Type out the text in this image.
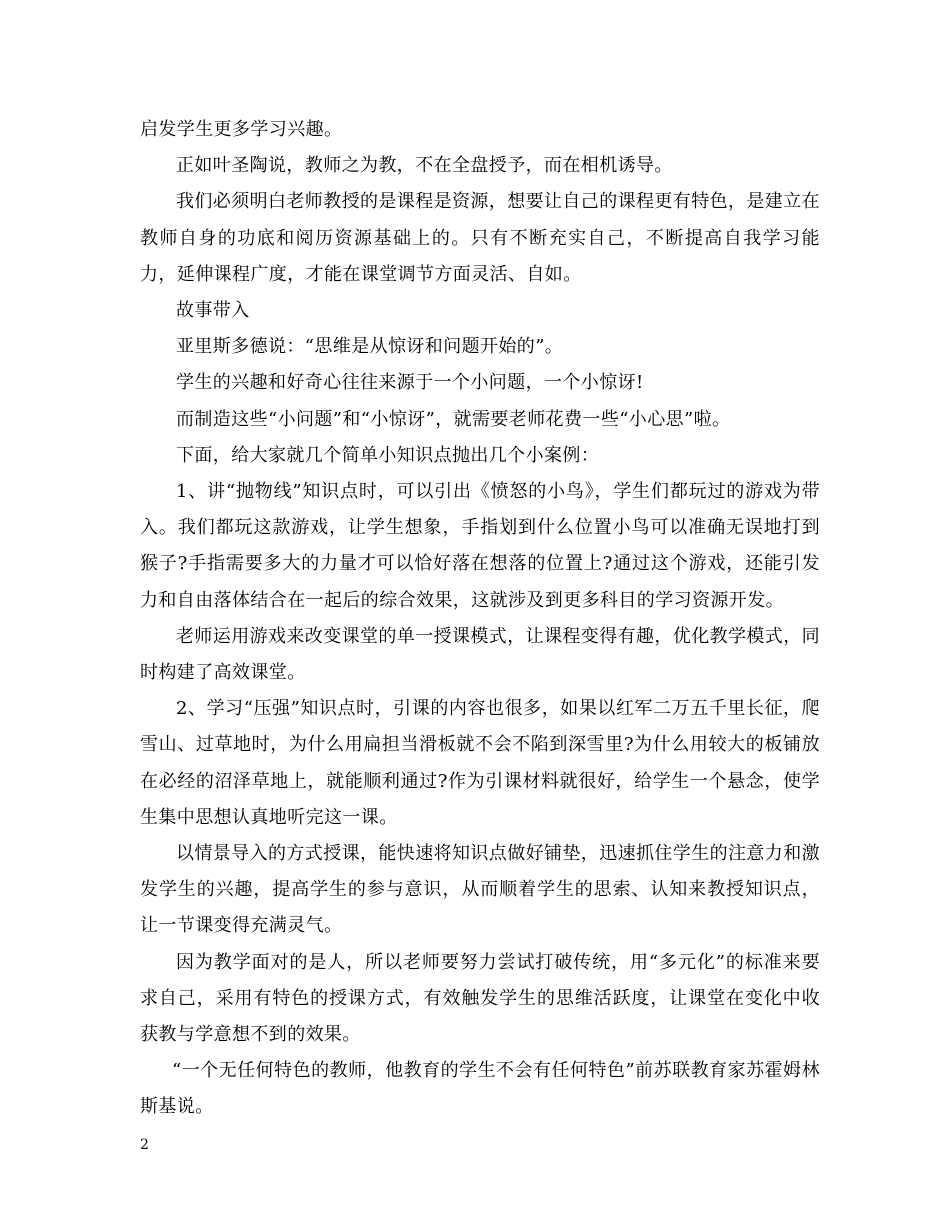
启发学生更多学习兴趣。

正如叶圣陶说，教师之为教，不在全盘授予，而在相机诱导。

我们必须明白老师教授的是课程是资源，想要让自己的课程更有特色，是建立在教师自身的功底和阅历资源基础上的。只有不断充实自己，不断提高自我学习能力，延伸课程广度，才能在课堂调节方面灵活、自如。

故事带入

亚里斯多德说：“思维是从惊讶和问题开始的”。

学生的兴趣和好奇心往往来源于一个小问题，一个小惊讶!

而制造这些“小问题”和“小惊讶”，就需要老师花费一些“小心思”啦。

下面，给大家就几个简单小知识点抛出几个小案例：

1、讲“抛物线”知识点时，可以引出《愤怒的小鸟》，学生们都玩过的游戏为带入。我们都玩这款游戏，让学生想象，手指划到什么位置小鸟可以准确无误地打到猴子?手指需要多大的力量才可以恰好落在想落的位置上?通过这个游戏，还能引发力和自由落体结合在一起后的综合效果，这就涉及到更多科目的学习资源开发。

老师运用游戏来改变课堂的单一授课模式，让课程变得有趣，优化教学模式，同时构建了高效课堂。

2、学习“压强”知识点时，引课的内容也很多，如果以红军二万五千里长征，爬雪山、过草地时，为什么用扁担当滑板就不会不陷到深雪里?为什么用较大的板铺放在必经的沼泽草地上，就能顺利通过?作为引课材料就很好，给学生一个悬念，使学生集中思想认真地听完这一课。

以情景导入的方式授课，能快速将知识点做好铺垫，迅速抓住学生的注意力和激发学生的兴趣，提高学生的参与意识，从而顺着学生的思索、认知来教授知识点，让一节课变得充满灵气。

因为教学面对的是人，所以老师要努力尝试打破传统，用“多元化”的标准来要求自己，采用有特色的授课方式，有效触发学生的思维活跃度，让课堂在变化中收获教与学意想不到的效果。

“一个无任何特色的教师，他教育的学生不会有任何特色”前苏联教育家苏霍姆林斯基说。

2
